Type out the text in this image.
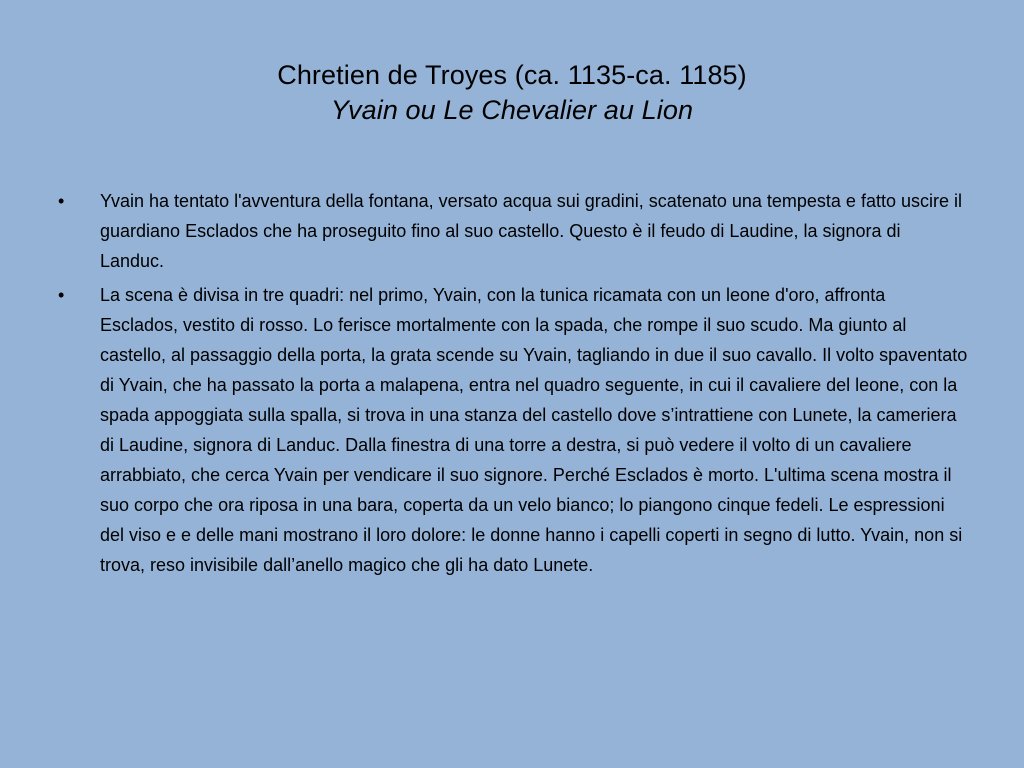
Chretien de Troyes (ca. 1135-ca. 1185)
Yvain ou Le Chevalier au Lion
•	Yvain ha tentato l'avventura della fontana, versato acqua sui gradini, scatenato una tempesta e fatto uscire il guardiano Esclados che ha proseguito fino al suo castello. Questo è il feudo di Laudine, la signora di Landuc.
•	La scena è divisa in tre quadri: nel primo, Yvain, con la tunica ricamata con un leone d'oro, affronta Esclados, vestito di rosso. Lo ferisce mortalmente con la spada, che rompe il suo scudo. Ma giunto al castello, al passaggio della porta, la grata scende su Yvain, tagliando in due il suo cavallo. Il volto spaventato di Yvain, che ha passato la porta a malapena, entra nel quadro seguente, in cui il cavaliere del leone, con la spada appoggiata sulla spalla, si trova in una stanza del castello dove s’intrattiene con Lunete, la cameriera di Laudine, signora di Landuc. Dalla finestra di una torre a destra, si può vedere il volto di un cavaliere arrabbiato, che cerca Yvain per vendicare il suo signore. Perché Esclados è morto. L'ultima scena mostra il suo corpo che ora riposa in una bara, coperta da un velo bianco; lo piangono cinque fedeli. Le espressioni del viso e e delle mani mostrano il loro dolore: le donne hanno i capelli coperti in segno di lutto. Yvain, non si trova, reso invisibile dall’anello magico che gli ha dato Lunete.
